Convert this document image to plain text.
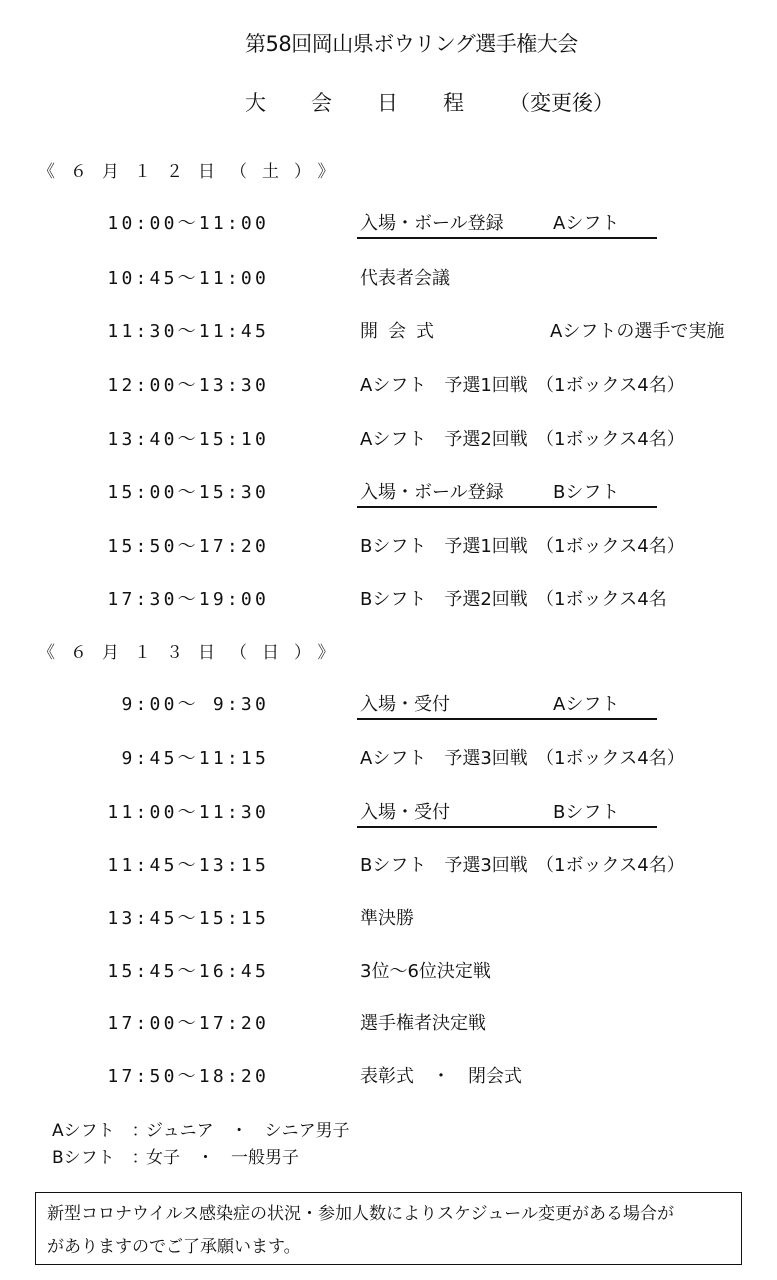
第58回岡山県ボウリング選手権大会
大会日程（変更後）
《６月１２日（土）》
10:00～11:00	入場・ボール登録	Aシフト
10:45～11:00	代表者会議
11:30～11:45	開会式	Aシフトの選手で実施
12:00～13:30	Aシフト　予選1回戦 （1ボックス4名）
13:40～15:10	Aシフト　予選2回戦 （1ボックス4名）
15:00～15:30	入場・ボール登録	Bシフト
15:50～17:20	Bシフト　予選1回戦 （1ボックス4名）
17:30～19:00	Bシフト　予選2回戦 （1ボックス4名
《６月１３日（日）》
9:00～ 9:30	入場・受付	Aシフト
9:45～11:15	Aシフト　予選3回戦 （1ボックス4名）
11:00～11:30	入場・受付	Bシフト
11:45～13:15	Bシフト　予選3回戦 （1ボックス4名）
13:45～15:15	準決勝
15:45～16:45	3位～6位決定戦
17:00～17:20	選手権者決定戦
17:50～18:20	表彰式　・　閉会式
Aシフト　：ジュニア　・　シニア男子
Bシフト　：女子　・　一般男子
新型コロナウイルス感染症の状況・参加人数によりスケジュール変更がある場合が
がありますのでご了承願います。
